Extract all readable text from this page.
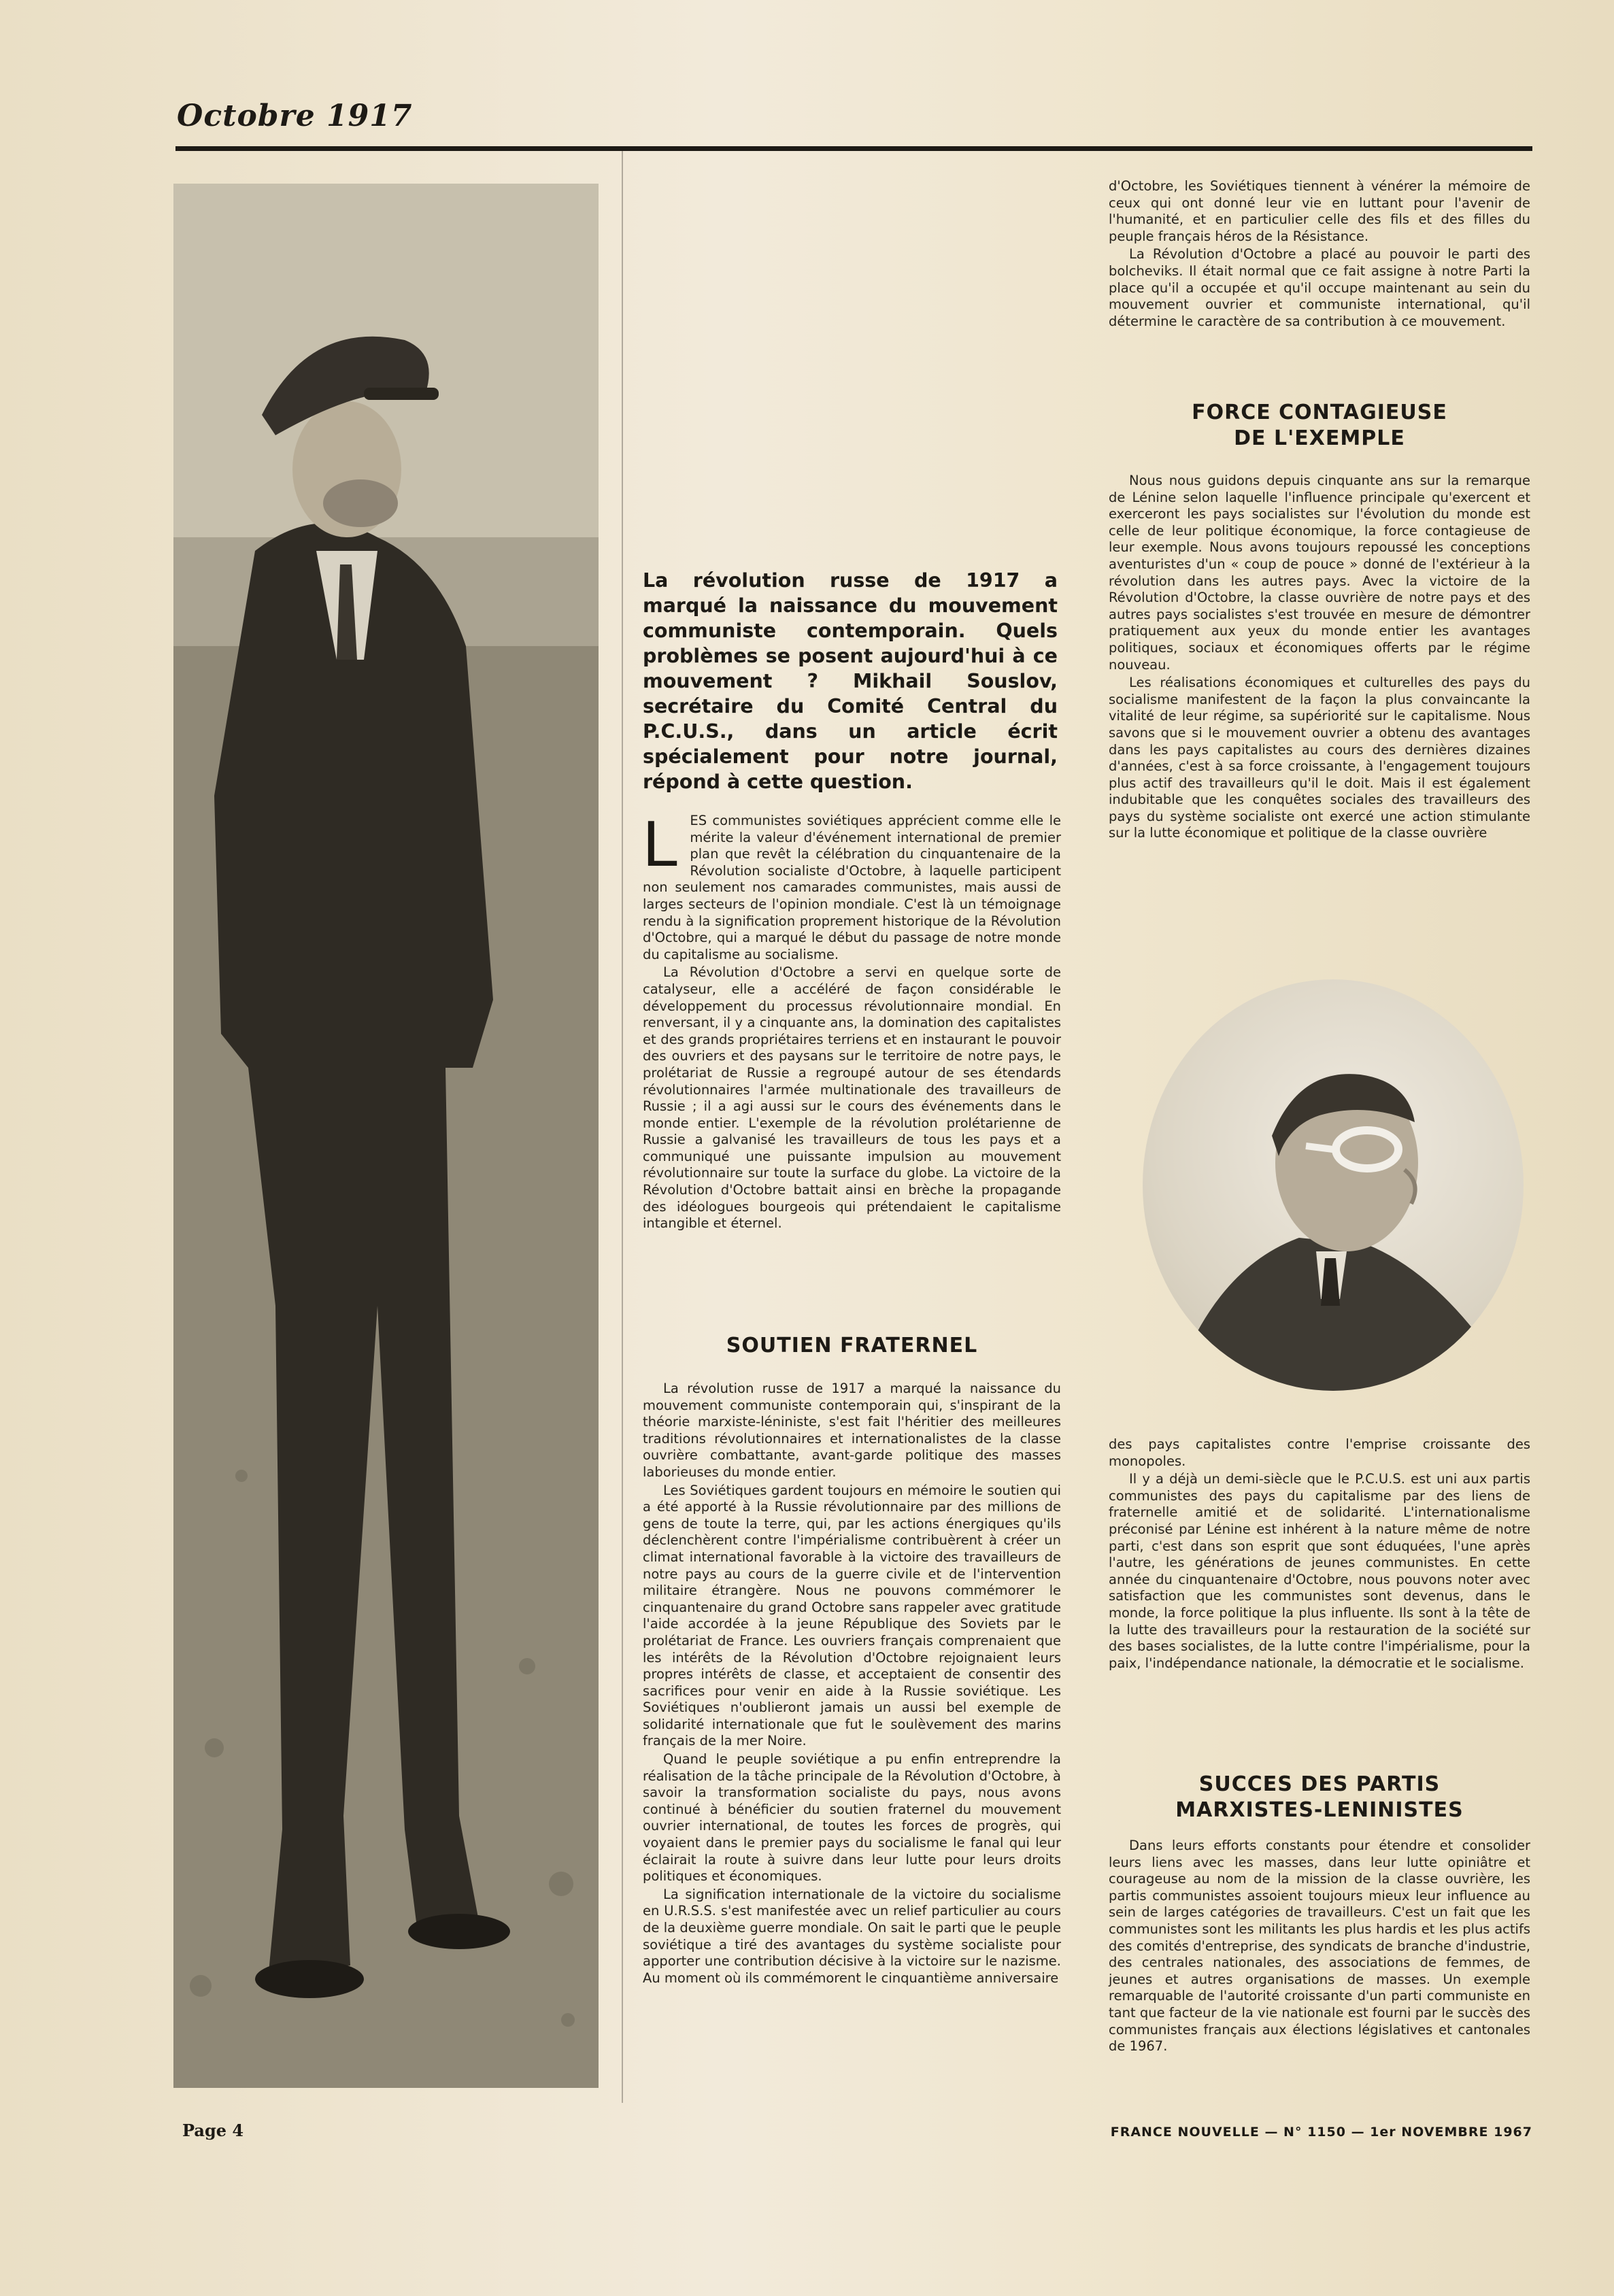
Octobre 1917
La révolution russe de 1917 a marqué la naissance du mouvement communiste contemporain. Quels problèmes se posent aujourd'hui à ce mouvement ? Mikhail Souslov, secrétaire du Comité Central du P.C.U.S., dans un article écrit spécialement pour notre journal, répond à cette question.
L ES communistes soviétiques apprécient comme elle le mérite la valeur d'événement international de premier plan que revêt la célébration du cinquantenaire de la Révolution socialiste d'Octobre, à laquelle participent non seulement nos camarades communistes, mais aussi de larges secteurs de l'opinion mondiale. C'est là un témoignage rendu à la signification proprement historique de la Révolution d'Octobre, qui a marqué le début du passage de notre monde du capitalisme au socialisme.

La Révolution d'Octobre a servi en quelque sorte de catalyseur, elle a accéléré de façon considérable le développement du processus révolutionnaire mondial. En renversant, il y a cinquante ans, la domination des capitalistes et des grands propriétaires terriens et en instaurant le pouvoir des ouvriers et des paysans sur le territoire de notre pays, le prolétariat de Russie a regroupé autour de ses étendards révolutionnaires l'armée multinationale des travailleurs de Russie ; il a agi aussi sur le cours des événements dans le monde entier. L'exemple de la révolution prolétarienne de Russie a galvanisé les travailleurs de tous les pays et a communiqué une puissante impulsion au mouvement révolutionnaire sur toute la surface du globe. La victoire de la Révolution d'Octobre battait ainsi en brèche la propagande des idéologues bourgeois qui prétendaient le capitalisme intangible et éternel.

SOUTIEN FRATERNEL

La révolution russe de 1917 a marqué la naissance du mouvement communiste contemporain qui, s'inspirant de la théorie marxiste-léniniste, s'est fait l'héritier des meilleures traditions révolutionnaires et internationalistes de la classe ouvrière combattante, avant-garde politique des masses laborieuses du monde entier.

Les Soviétiques gardent toujours en mémoire le soutien qui a été apporté à la Russie révolutionnaire par des millions de gens de toute la terre, qui, par les actions énergiques qu'ils déclenchèrent contre l'impérialisme contribuèrent à créer un climat international favorable à la victoire des travailleurs de notre pays au cours de la guerre civile et de l'intervention militaire étrangère. Nous ne pouvons commémorer le cinquantenaire du grand Octobre sans rappeler avec gratitude l'aide accordée à la jeune République des Soviets par le prolétariat de France. Les ouvriers français comprenaient que les intérêts de la Révolution d'Octobre rejoignaient leurs propres intérêts de classe, et acceptaient de consentir des sacrifices pour venir en aide à la Russie soviétique. Les Soviétiques n'oublieront jamais un aussi bel exemple de solidarité internationale que fut le soulèvement des marins français de la mer Noire.

Quand le peuple soviétique a pu enfin entreprendre la réalisation de la tâche principale de la Révolution d'Octobre, à savoir la transformation socialiste du pays, nous avons continué à bénéficier du soutien fraternel du mouvement ouvrier international, de toutes les forces de progrès, qui voyaient dans le premier pays du socialisme le fanal qui leur éclairait la route à suivre dans leur lutte pour leurs droits politiques et économiques.

La signification internationale de la victoire du socialisme en U.R.S.S. s'est manifestée avec un relief particulier au cours de la deuxième guerre mondiale. On sait le parti que le peuple soviétique a tiré des avantages du système socialiste pour apporter une contribution décisive à la victoire sur le nazisme. Au moment où ils commémorent le cinquantième anniversaire

d'Octobre, les Soviétiques tiennent à vénérer la mémoire de ceux qui ont donné leur vie en luttant pour l'avenir de l'humanité, et en particulier celle des fils et des filles du peuple français héros de la Résistance.

La Révolution d'Octobre a placé au pouvoir le parti des bolcheviks. Il était normal que ce fait assigne à notre Parti la place qu'il a occupée et qu'il occupe maintenant au sein du mouvement ouvrier et communiste international, qu'il détermine le caractère de sa contribution à ce mouvement.

FORCE CONTAGIEUSE
DE L'EXEMPLE

Nous nous guidons depuis cinquante ans sur la remarque de Lénine selon laquelle l'influence principale qu'exercent et exerceront les pays socialistes sur l'évolution du monde est celle de leur politique économique, la force contagieuse de leur exemple. Nous avons toujours repoussé les conceptions aventuristes d'un « coup de pouce » donné de l'extérieur à la révolution dans les autres pays. Avec la victoire de la Révolution d'Octobre, la classe ouvrière de notre pays et des autres pays socialistes s'est trouvée en mesure de démontrer pratiquement aux yeux du monde entier les avantages politiques, sociaux et économiques offerts par le régime nouveau.

Les réalisations économiques et culturelles des pays du socialisme manifestent de la façon la plus convaincante la vitalité de leur régime, sa supériorité sur le capitalisme. Nous savons que si le mouvement ouvrier a obtenu des avantages dans les pays capitalistes au cours des dernières dizaines d'années, c'est à sa force croissante, à l'engagement toujours plus actif des travailleurs qu'il le doit. Mais il est également indubitable que les conquêtes sociales des travailleurs des pays du système socialiste ont exercé une action stimulante sur la lutte économique et politique de la classe ouvrière

des pays capitalistes contre l'emprise croissante des monopoles.

Il y a déjà un demi-siècle que le P.C.U.S. est uni aux partis communistes des pays du capitalisme par des liens de fraternelle amitié et de solidarité. L'internationalisme préconisé par Lénine est inhérent à la nature même de notre parti, c'est dans son esprit que sont éduquées, l'une après l'autre, les générations de jeunes communistes. En cette année du cinquantenaire d'Octobre, nous pouvons noter avec satisfaction que les communistes sont devenus, dans le monde, la force politique la plus influente. Ils sont à la tête de la lutte des travailleurs pour la restauration de la société sur des bases socialistes, de la lutte contre l'impérialisme, pour la paix, l'indépendance nationale, la démocratie et le socialisme.

SUCCES DES PARTIS
MARXISTES-LENINISTES

Dans leurs efforts constants pour étendre et consolider leurs liens avec les masses, dans leur lutte opiniâtre et courageuse au nom de la mission de la classe ouvrière, les partis communistes assoient toujours mieux leur influence au sein de larges catégories de travailleurs. C'est un fait que les communistes sont les militants les plus hardis et les plus actifs des comités d'entreprise, des syndicats de branche d'industrie, des centrales nationales, des associations de femmes, de jeunes et autres organisations de masses. Un exemple remarquable de l'autorité croissante d'un parti communiste en tant que facteur de la vie nationale est fourni par le succès des communistes français aux élections législatives et cantonales de 1967.

Page 4	FRANCE NOUVELLE — N° 1150 — 1er NOVEMBRE 1967
